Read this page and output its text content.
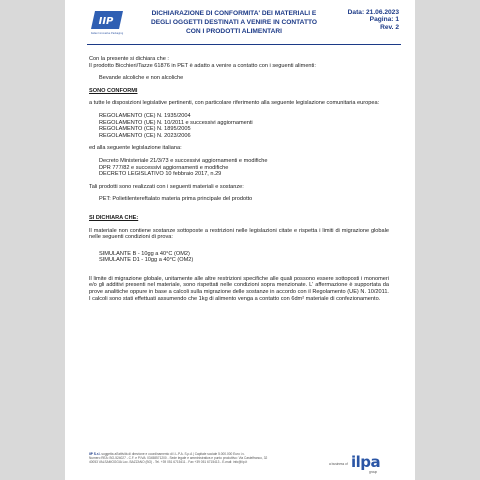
IIP
Italian Innovative Packaging
DICHIARAZIONE DI CONFORMITA' DEI MATERIALI E
DEGLI OGGETTI DESTINATI A VENIRE IN CONTATTO
CON I PRODOTTI ALIMENTARI
Data: 21.06.2023
Pagina: 1
Rev. 2

Con la presente si dichiara che :

Il prodotto Bicchieri/Tazze 61876 in PET è adatto a venire a contatto con i seguenti alimenti:

Bevande alcoliche e non alcoliche

SONO CONFORMI

a tutte le disposizioni legislative pertinenti, con particolare riferimento alla seguente legislazione comunitaria europea:

REGOLAMENTO (CE) N. 1935/2004

REGOLAMENTO (UE) N. 10/2011 e successivi aggiornamenti

REGOLAMENTO (CE) N. 1895/2005

REGOLAMENTO (CE) N. 2023/2006

ed alla seguente legislazione italiana:

Decreto Ministeriale 21/3/73 e successivi aggiornamenti e modifiche

DPR 777/82 e successivi aggiornamenti e modifiche

DECRETO LEGISLATIVO 10 febbraio 2017, n.29

Tali prodotti sono realizzati con i seguenti materiali e sostanze:

PET: Polietilentereftalato materia prima principale del prodotto

SI DICHIARA CHE:

Il materiale non contiene sostanze sottoposte a restrizioni nelle legislazioni citate e rispetta i limiti di migrazione globale nelle seguenti condizioni di prova:

SIMULANTE B - 10gg a 40°C (OM2)

SIMULANTE D1 - 10gg a 40°C (OM2)

Il limite di migrazione globale, unitamente alle altre restrizioni specifiche alle quali possono essere sottoposti i monomeri e/o gli additivi presenti nel materiale, sono rispettati nelle condizioni sopra menzionate. L' affermazione è supportata da prove analitiche oppure in base a calcoli sulla migrazione delle sostanze in accordo con il Regolamento (UE) N. 10/2011. I calcoli sono stati effettuati assumendo che 1kg di alimento venga a contatto con 6dm² materiale di confezionamento.

IIP S.r.l. soggetta all'attività di direzione e coordinamento di I.L.P.A. S.p.A | Capitale sociale 5.000.000 Euro i.v.
Numero REA: BO-524027 - C.F. e P.IVA: 03458571200 - Sede legale e amministrativa e punto produttivo: Via Castelfranco, 32
40053 VALSAMOGGIA Loc. BAZZANO (BO) - Tel. +39 051 6715411 - Fax +39 051 6715413 - E-mail: info@iip.it	a business of ilpa
group
